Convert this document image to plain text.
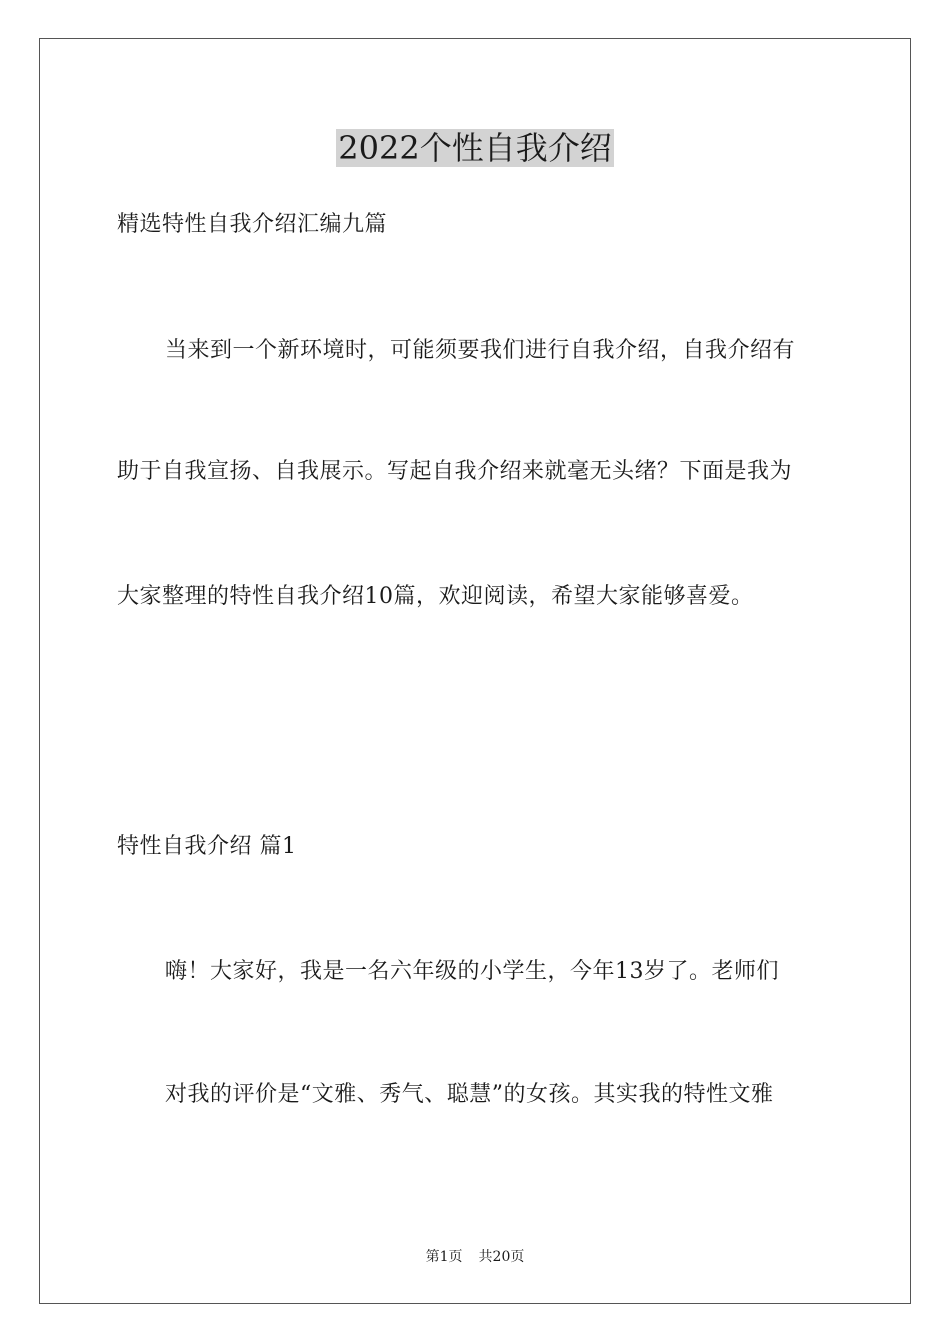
2022个性自我介绍
精选特性自我介绍汇编九篇
当来到一个新环境时，可能须要我们进行自我介绍，自我介绍有
助于自我宣扬、自我展示。写起自我介绍来就毫无头绪？下面是我为
大家整理的特性自我介绍10篇，欢迎阅读，希望大家能够喜爱。
特性自我介绍 篇1
嗨！大家好，我是一名六年级的小学生，今年13岁了。老师们
对我的评价是“文雅、秀气、聪慧”的女孩。其实我的特性文雅
第1页 共20页
